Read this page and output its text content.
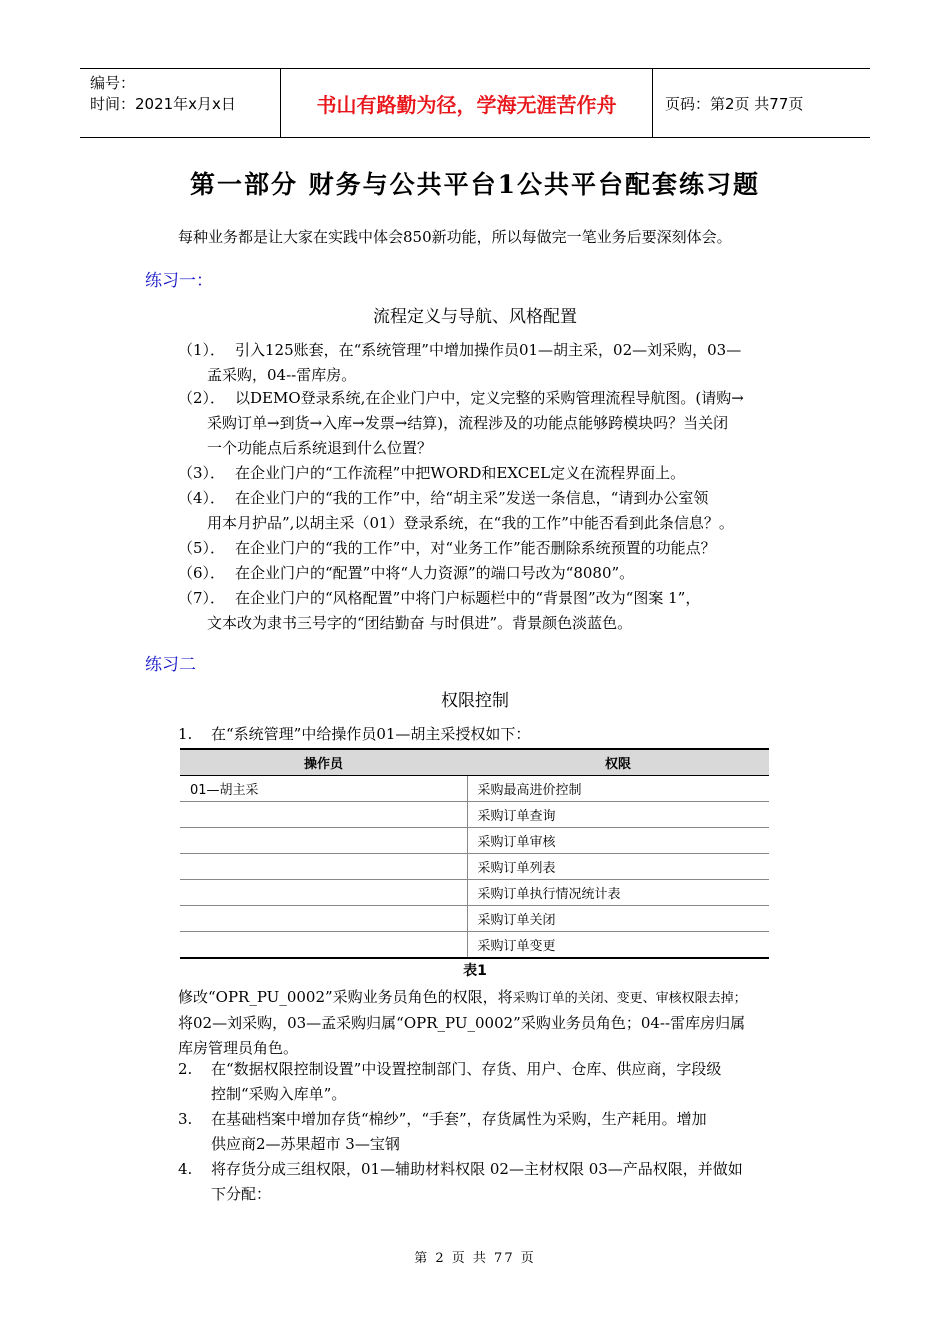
编号：
时间：2021年x月x日	书山有路勤为径，学海无涯苦作舟	页码：第2页 共77页
第一部分 财务与公共平台1公共平台配套练习题
每种业务都是让大家在实践中体会850新功能，所以每做完一笔业务后要深刻体会。
练习一：
流程定义与导航、风格配置
（1）． 引入125账套，在“系统管理”中增加操作员01—胡主采，02—刘采购，03—
孟采购，04--雷库房。
（2）． 以DEMO登录系统,在企业门户中，定义完整的采购管理流程导航图。(请购→
采购订单→到货→入库→发票→结算)，流程涉及的功能点能够跨模块吗？当关闭
一个功能点后系统退到什么位置？
（3）． 在企业门户的“工作流程”中把WORD和EXCEL定义在流程界面上。
（4）． 在企业门户的“我的工作”中，给“胡主采”发送一条信息，“请到办公室领
用本月护品”,以胡主采（01）登录系统，在“我的工作”中能否看到此条信息？。
（5）． 在企业门户的“我的工作”中，对“业务工作”能否删除系统预置的功能点？
（6）． 在企业门户的“配置”中将“人力资源”的端口号改为“8080”。
（7）． 在企业门户的“风格配置”中将门户标题栏中的“背景图”改为“图案 1”，
文本改为隶书三号字的“团结勤奋 与时俱进”。背景颜色淡蓝色。
练习二
权限控制
1.	在“系统管理”中给操作员01—胡主采授权如下：
操作员	权限
01—胡主采	采购最高进价控制
	采购订单查询
	采购订单审核
	采购订单列表
	采购订单执行情况统计表
	采购订单关闭
	采购订单变更
表1
修改“OPR_PU_0002”采购业务员角色的权限，将采购订单的关闭、变更、审核权限去掉；
将02—刘采购，03—孟采购归属“OPR_PU_0002”采购业务员角色；04--雷库房归属
库房管理员角色。
2.	在“数据权限控制设置”中设置控制部门、存货、用户、仓库、供应商，字段级
控制“采购入库单”。
3.	在基础档案中增加存货“棉纱”，“手套”，存货属性为采购，生产耗用。增加
供应商2—苏果超市 3—宝钢
4.	将存货分成三组权限，01—辅助材料权限 02—主材权限 03—产品权限，并做如
下分配：
第 2 页 共 77 页
